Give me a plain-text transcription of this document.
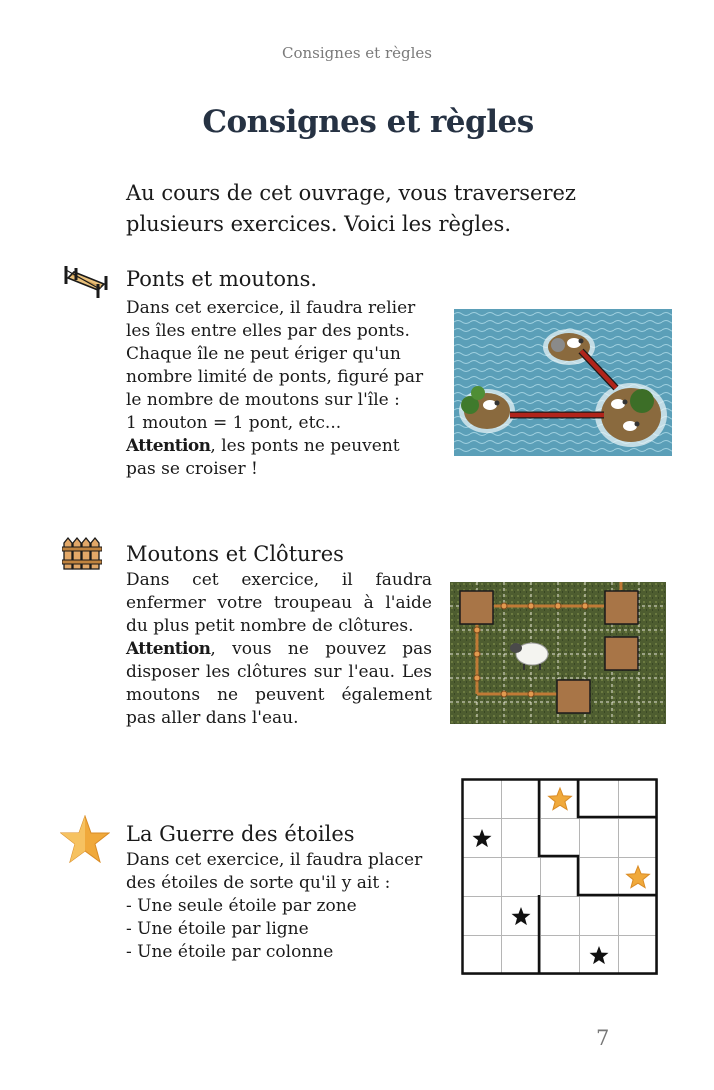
Consignes et règles
Consignes et règles
Au cours de cet ouvrage, vous traverserez plusieurs exercices. Voici les règles.
Ponts et moutons.

Dans cet exercice, il faudra relier

les îles entre elles par des ponts.

Chaque île ne peut ériger qu'un

nombre limité de ponts, figuré par

le nombre de moutons sur l'île :

1 mouton = 1 pont, etc...

Attention, les ponts ne peuvent pas se croiser !

Moutons et Clôtures

Dans cet exercice, il faudra enfermer votre troupeau à l'aide du plus petit nombre de clôtures.

Attention, vous ne pouvez pas disposer les clôtures sur l'eau. Les moutons ne peuvent également pas aller dans l'eau.

La Guerre des étoiles

Dans cet exercice, il faudra placer des étoiles de sorte qu'il y ait :

- Une seule étoile par zone

- Une étoile par ligne

- Une étoile par colonne

7
